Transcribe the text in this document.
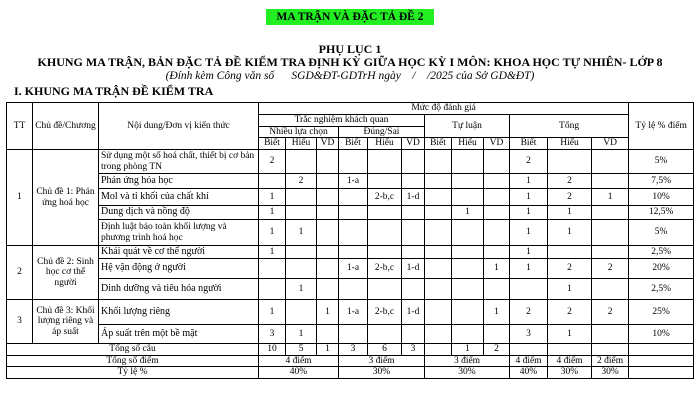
MA TRẬN VÀ ĐẶC TẢ ĐỀ 2
PHỤ LỤC 1
KHUNG MA TRẬN, BẢN ĐẶC TẢ ĐỀ KIỂM TRA ĐỊNH KỲ GIỮA HỌC KỲ I MÔN: KHOA HỌC TỰ NHIÊN- LỚP 8
(Đính kèm Công văn số      SGD&ĐT-GDTrH ngày    /    /2025 của Sở GD&ĐT)
I. KHUNG MA TRẬN ĐỀ KIỂM TRA
TT	Chủ đề/Chương	Nội dung/Đơn vị kiến thức	Mức độ đánh giá												Tỷ lệ % điểm
			Trắc nghiệm khách quan						Tự luận			Tổng			
			Nhiều lựa chọn			Đúng/Sai									
			Biết	Hiểu	VD	Biết	Hiểu	VD	Biết	Hiểu	VD	Biết	Hiểu	VD	
1	Chủ đề 1: Phản ứng hoá học	Sử dụng một số hoá chất, thiết bị cơ bản trong phòng TN	2									2			5%
		Phản ứng hóa học		2		1-a						1	2		7,5%
		Mol và tỉ khối của chất khí	1				2-b,c	1-d				1	2	1	10%
		Dung dịch và nồng độ	1							1		1	1		12,5%
		Định luật bảo toàn khối lượng và phương trình hoá học	1	1								1	1		5%
2	Chủ đề 2: Sinh học cơ thể người	Khái quát về cơ thể người	1									1			2,5%
		Hệ vận động ở người				1-a	2-b,c	1-d			1	1	2	2	20%
		Dinh dưỡng và tiêu hóa người		1									1		2,5%
3	Chủ đề 3: Khối lượng riêng và áp suất	Khối lượng riêng	1		1	1-a	2-b,c	1-d			1	2	2	2	25%
		Áp suất trên một bề mặt	3	1								3	1		10%
Tổng số câu			10	5	1	3	6	3		1	2				
Tổng số điểm			4 điểm			3 điểm			3 điểm			4 điểm	4 điểm	2 điểm	
Tỷ lệ %			40%			30%			30%			40%	30%	30%	
